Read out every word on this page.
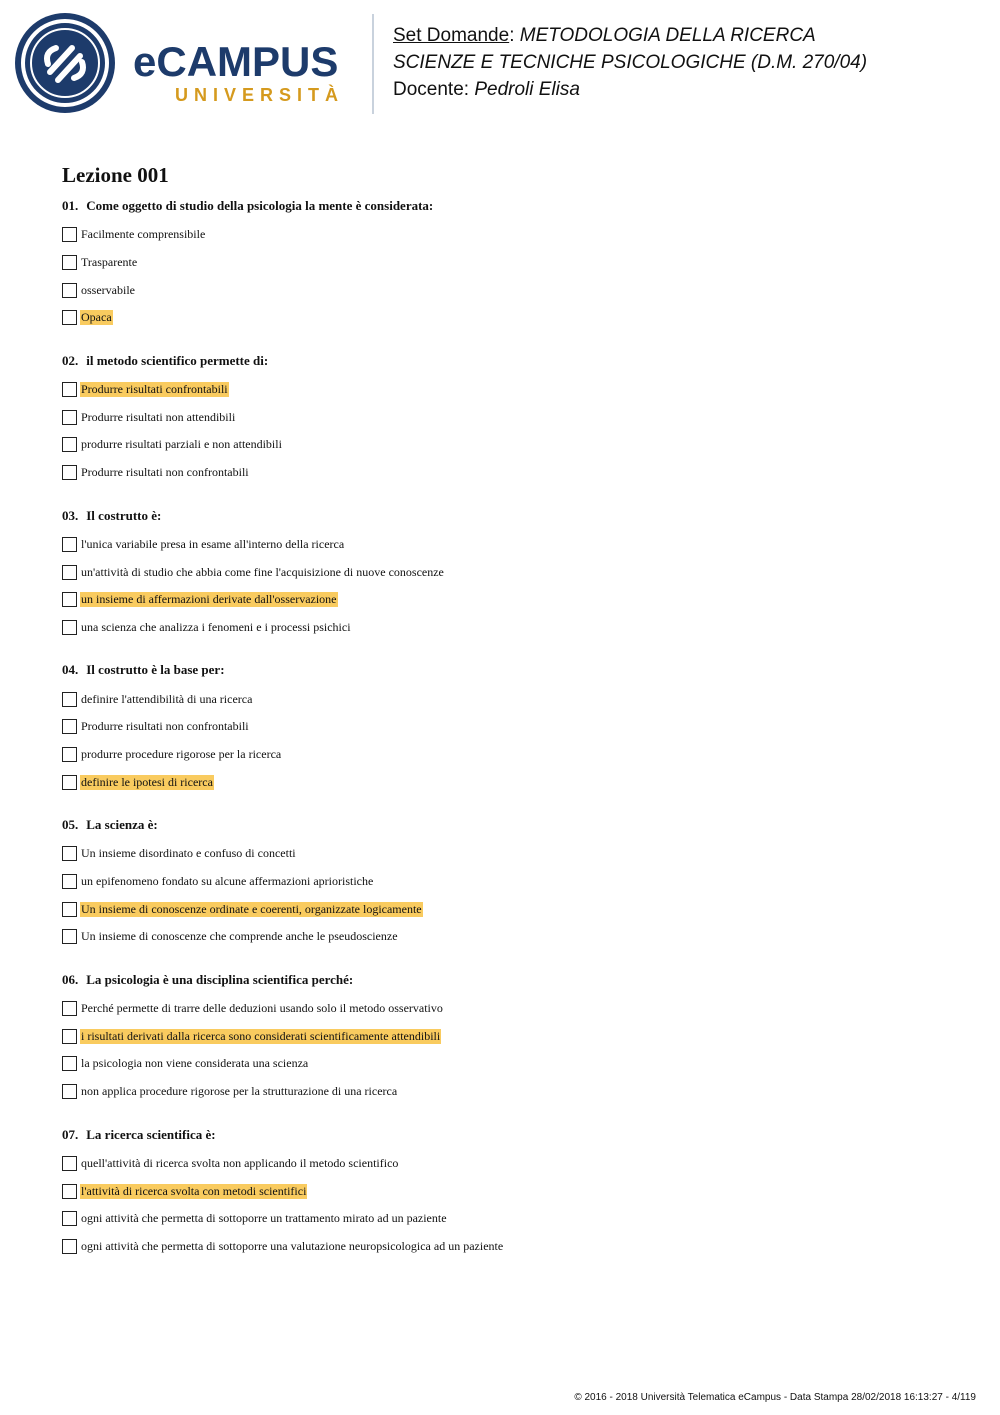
eCAMPUS
UNIVERSITÀ
Set Domande: METODOLOGIA DELLA RICERCA
SCIENZE E TECNICHE PSICOLOGICHE (D.M. 270/04)
Docente: Pedroli Elisa
Lezione 001
01. Come oggetto di studio della psicologia la mente è considerata:
Facilmente comprensibile
Trasparente
osservabile
Opaca
02. il metodo scientifico permette di:
Produrre risultati confrontabili
Produrre risultati non attendibili
produrre risultati parziali e non attendibili
Produrre risultati non confrontabili
03. Il costrutto è:
l'unica variabile presa in esame all'interno della ricerca
un'attività di studio che abbia come fine l'acquisizione di nuove conoscenze
un insieme di affermazioni derivate dall'osservazione
una scienza che analizza i fenomeni e i processi psichici
04. Il costrutto è la base per:
definire l'attendibilità di una ricerca
Produrre risultati non confrontabili
produrre procedure rigorose per la ricerca
definire le ipotesi di ricerca
05. La scienza è:
Un insieme disordinato e confuso di concetti
un epifenomeno fondato su alcune affermazioni aprioristiche
Un insieme di conoscenze ordinate e coerenti, organizzate logicamente
Un insieme di conoscenze che comprende anche le pseudoscienze
06. La psicologia è una disciplina scientifica perché:
Perché permette di trarre delle deduzioni usando solo il metodo osservativo
i risultati derivati dalla ricerca sono considerati scientificamente attendibili
la psicologia non viene considerata una scienza
non applica procedure rigorose per la strutturazione di una ricerca
07. La ricerca scientifica è:
quell'attività di ricerca svolta non applicando il metodo scientifico
l'attività di ricerca svolta con metodi scientifici
ogni attività che permetta di sottoporre un trattamento mirato ad un paziente
ogni attività che permetta di sottoporre una valutazione neuropsicologica ad un paziente
© 2016 - 2018 Università Telematica eCampus - Data Stampa 28/02/2018 16:13:27 - 4/119
